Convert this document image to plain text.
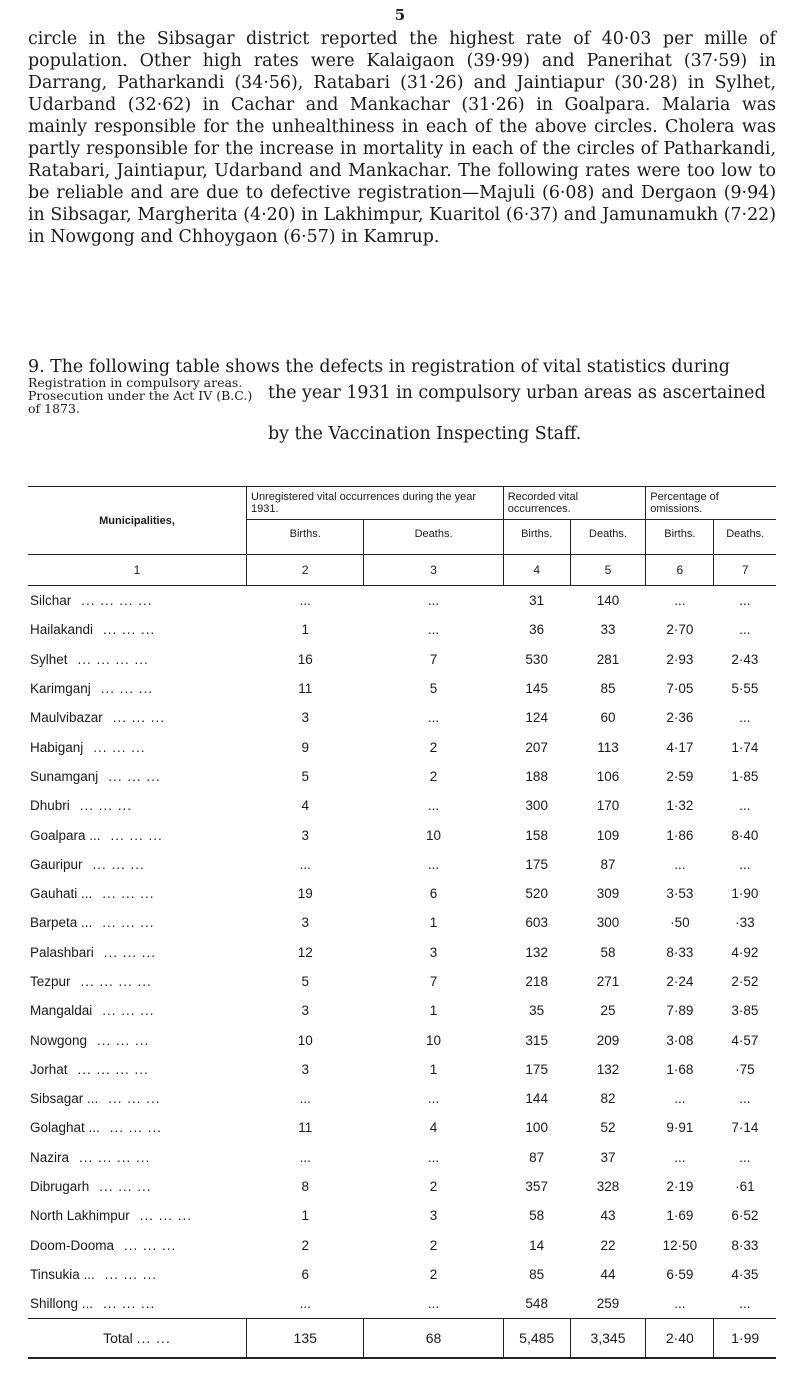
5

circle in the Sibsagar district reported the highest rate of 40·03 per mille of population. Other high rates were Kalaigaon (39·99) and Panerihat (37·59) in Darrang, Patharkandi (34·56), Ratabari (31·26) and Jaintiapur (30·28) in Sylhet, Udarband (32·62) in Cachar and Mankachar (31·26) in Goalpara. Malaria was mainly responsible for the unhealthiness in each of the above circles. Cholera was partly responsible for the increase in mortality in each of the circles of Patharkandi, Ratabari, Jaintiapur, Udarband and Mankachar. The following rates were too low to be reliable and are due to defective registration—Majuli (6·08) and Dergaon (9·94) in Sibsagar, Margherita (4·20) in Lakhimpur, Kuaritol (6·37) and Jamunamukh (7·22) in Nowgong and Chhoygaon (6·57) in Kamrup.

9. The following table shows the defects in registration of vital statistics during
Registration in compulsory areas. Prosecution under the Act IV (B.C.) of 1873.
the year 1931 in compulsory urban areas as ascertained
by the Vaccination Inspecting Staff.
Municipalities,	Unregistered vital occurrences during the year 1931.		Recorded vital occurrences.		Percentage of omissions.	
	Births.	Deaths.	Births.	Deaths.	Births.	Deaths.
1	2	3	4	5	6	7
Silchar ... ... ... ...	...	...	31	140	...	...
Hailakandi ... ... ...	1	...	36	33	2·70	...
Sylhet ... ... ... ...	16	7	530	281	2·93	2·43
Karimganj ... ... ...	11	5	145	85	7·05	5·55
Maulvibazar ... ... ...	3	...	124	60	2·36	...
Habiganj ... ... ...	9	2	207	113	4·17	1·74
Sunamganj ... ... ...	5	2	188	106	2·59	1·85
Dhubri ... ... ...	4	...	300	170	1·32	...
Goalpara ... ... ... ...	3	10	158	109	1·86	8·40
Gauripur ... ... ...	...	...	175	87	...	...
Gauhati ... ... ... ...	19	6	520	309	3·53	1·90
Barpeta ... ... ... ...	3	1	603	300	·50	·33
Palashbari ... ... ...	12	3	132	58	8·33	4·92
Tezpur ... ... ... ...	5	7	218	271	2·24	2·52
Mangaldai ... ... ...	3	1	35	25	7·89	3·85
Nowgong ... ... ...	10	10	315	209	3·08	4·57
Jorhat ... ... ... ...	3	1	175	132	1·68	·75
Sibsagar ... ... ... ...	...	...	144	82	...	...
Golaghat ... ... ... ...	11	4	100	52	9·91	7·14
Nazira ... ... ... ...	...	...	87	37	...	...
Dibrugarh ... ... ...	8	2	357	328	2·19	·61
North Lakhimpur ... ... ...	1	3	58	43	1·69	6·52
Doom-Dooma ... ... ...	2	2	14	22	12·50	8·33
Tinsukia ... ... ... ...	6	2	85	44	6·59	4·35
Shillong ... ... ... ...	...	...	548	259	...	...
Total ... ...	135	68	5,485	3,345	2·40	1·99
